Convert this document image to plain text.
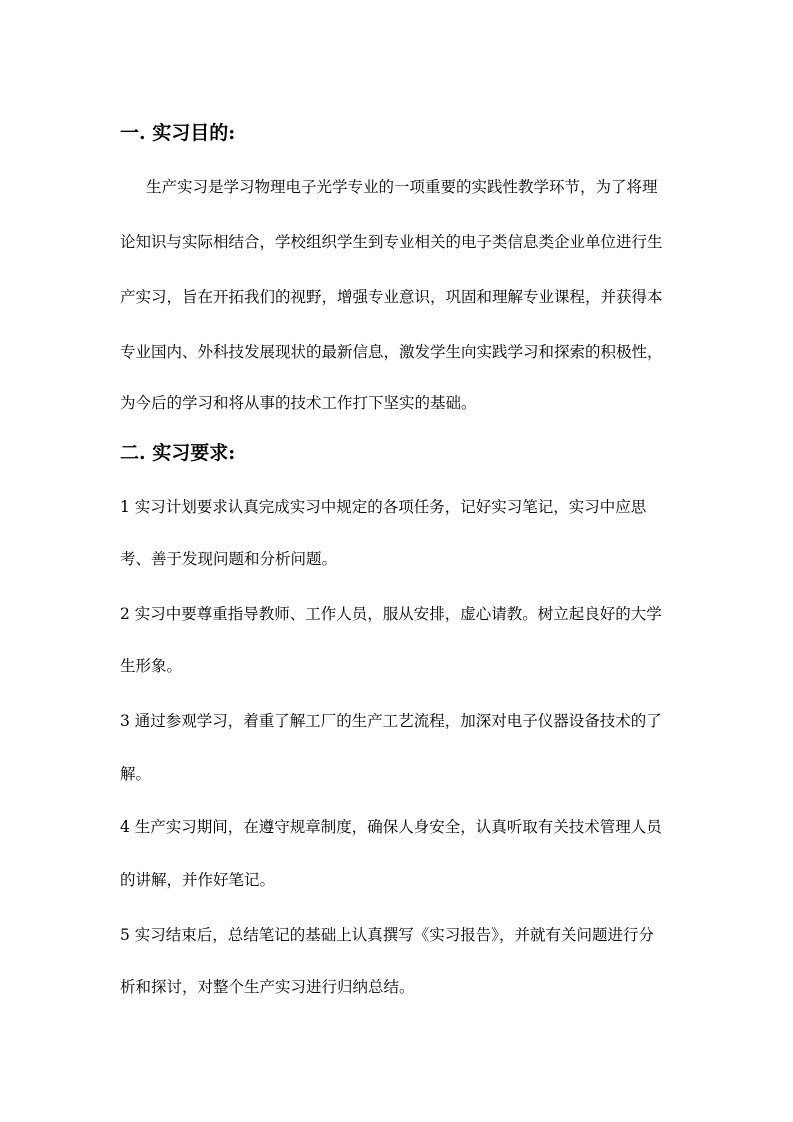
一. 实习目的:
生产实习是学习物理电子光学专业的一项重要的实践性教学环节，为了将理
论知识与实际相结合，学校组织学生到专业相关的电子类信息类企业单位进行生
产实习，旨在开拓我们的视野，增强专业意识，巩固和理解专业课程，并获得本
专业国内、外科技发展现状的最新信息，激发学生向实践学习和探索的积极性，
为今后的学习和将从事的技术工作打下坚实的基础。
二. 实习要求:
1 实习计划要求认真完成实习中规定的各项任务，记好实习笔记，实习中应思
考、善于发现问题和分析问题。
2 实习中要尊重指导教师、工作人员，服从安排，虚心请教。树立起良好的大学
生形象。
3 通过参观学习，着重了解工厂的生产工艺流程，加深对电子仪器设备技术的了
解。
4 生产实习期间，在遵守规章制度，确保人身安全，认真听取有关技术管理人员
的讲解，并作好笔记。
5 实习结束后，总结笔记的基础上认真撰写《实习报告》，并就有关问题进行分
析和探讨，对整个生产实习进行归纳总结。
